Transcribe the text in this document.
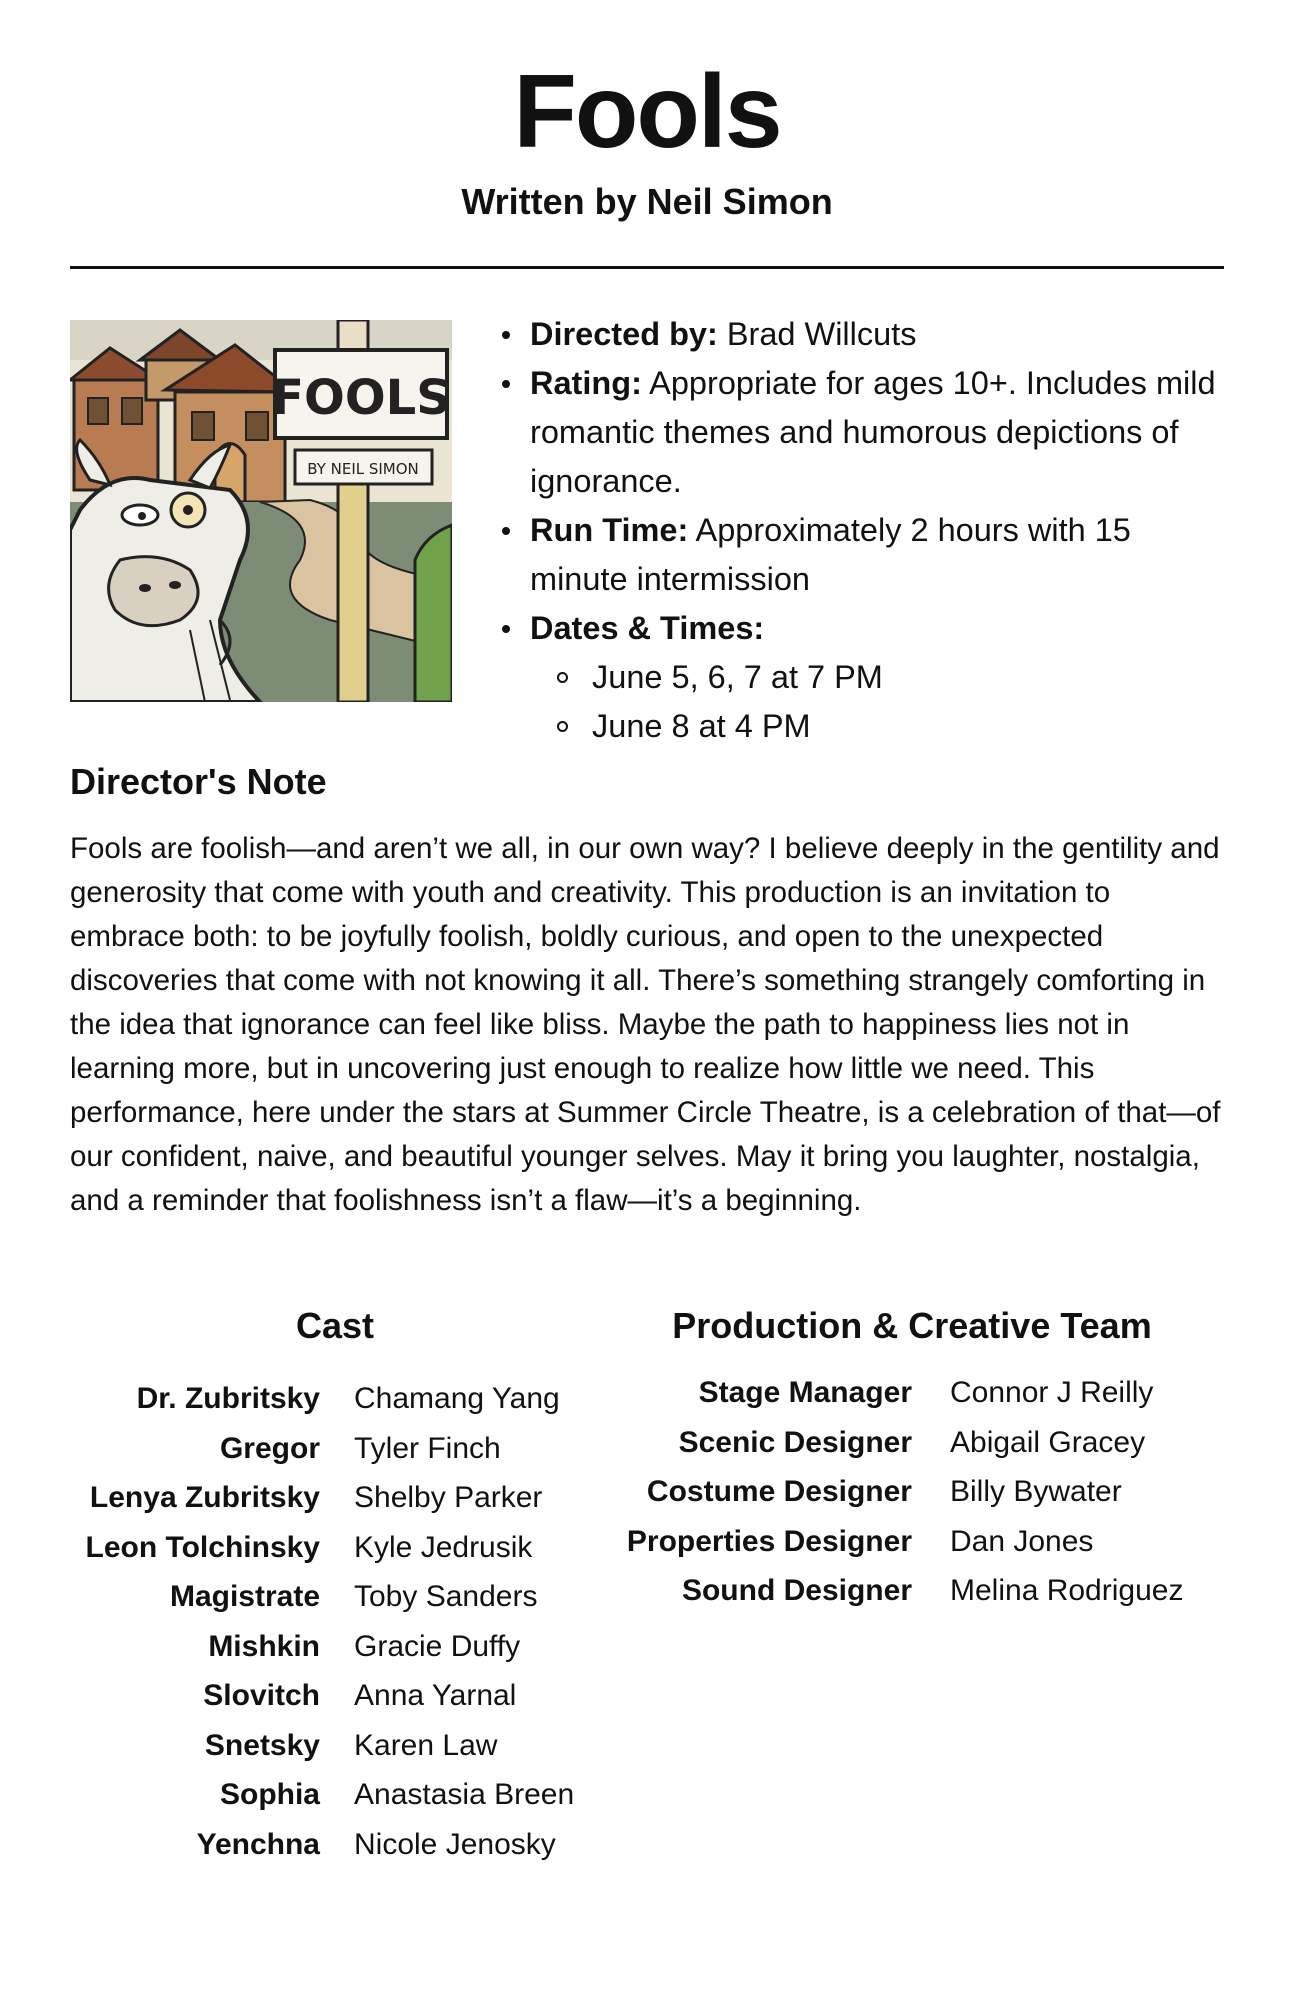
Fools
Written by Neil Simon
FOOLS
BY NEIL SIMON
Directed by: Brad Willcuts
Rating: Appropriate for ages 10+. Includes mild romantic themes and humorous depictions of ignorance.
Run Time: Approximately 2 hours with 15 minute intermission
Dates & Times:
June 5, 6, 7 at 7 PM
June 8 at 4 PM
Director's Note
Fools are foolish—and aren’t we all, in our own way? I believe deeply in the gentility and generosity that come with youth and creativity. This production is an invitation to embrace both: to be joyfully foolish, boldly curious, and open to the unexpected discoveries that come with not knowing it all. There’s something strangely comforting in the idea that ignorance can feel like bliss. Maybe the path to happiness lies not in learning more, but in uncovering just enough to realize how little we need. This performance, here under the stars at Summer Circle Theatre, is a celebration of that—of our confident, naive, and beautiful younger selves. May it bring you laughter, nostalgia, and a reminder that foolishness isn’t a flaw—it’s a beginning.
Cast	Production & Creative Team
Dr. Zubritsky	Chamang Yang
Gregor	Tyler Finch
Lenya Zubritsky	Shelby Parker
Leon Tolchinsky	Kyle Jedrusik
Magistrate	Toby Sanders
Mishkin	Gracie Duffy
Slovitch	Anna Yarnal
Snetsky	Karen Law
Sophia	Anastasia Breen
Yenchna	Nicole Jenosky
Stage Manager	Connor J Reilly
Scenic Designer	Abigail Gracey
Costume Designer	Billy Bywater
Properties Designer	Dan Jones
Sound Designer	Melina Rodriguez
